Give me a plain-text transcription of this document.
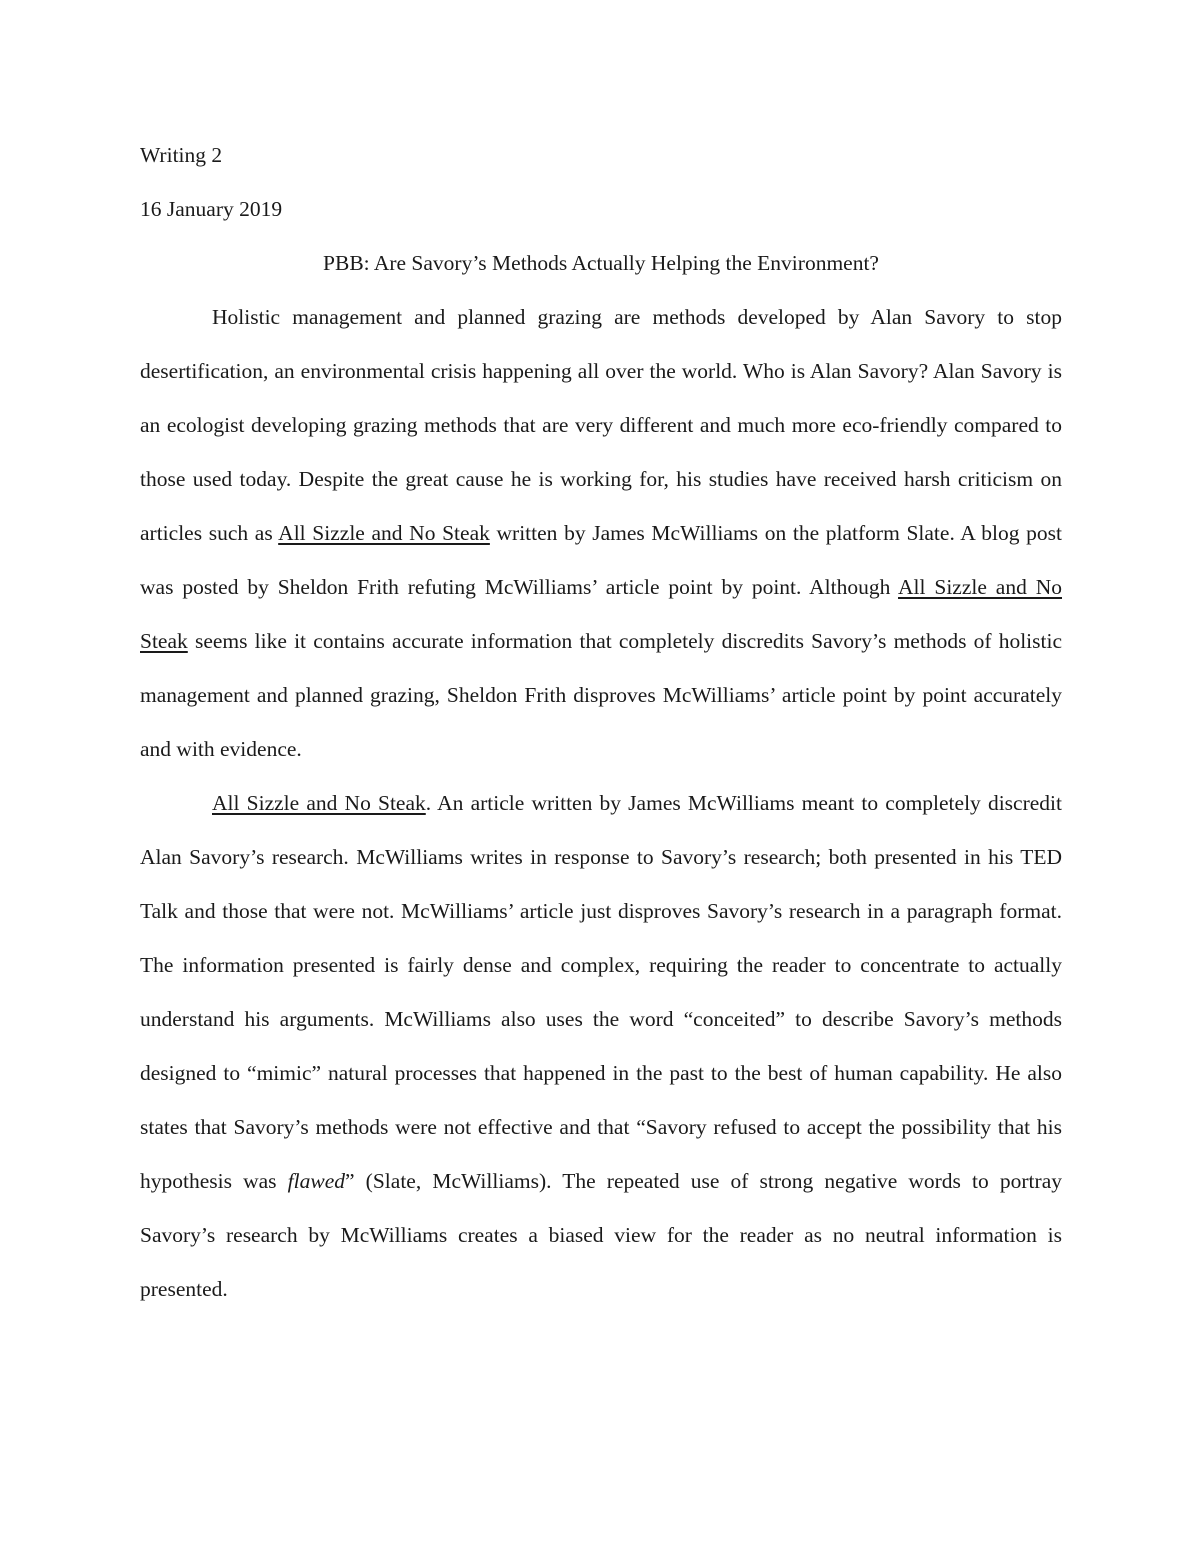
Writing 2

16 January 2019

PBB: Are Savory’s Methods Actually Helping the Environment?

Holistic management and planned grazing are methods developed by Alan Savory to stop desertification, an environmental crisis happening all over the world. Who is Alan Savory? Alan Savory is an ecologist developing grazing methods that are very different and much more eco-friendly compared to those used today. Despite the great cause he is working for, his studies have received harsh criticism on articles such as All Sizzle and No Steak written by James McWilliams on the platform Slate. A blog post was posted by Sheldon Frith refuting McWilliams’ article point by point. Although All Sizzle and No Steak seems like it contains accurate information that completely discredits Savory’s methods of holistic management and planned grazing, Sheldon Frith disproves McWilliams’ article point by point accurately and with evidence.

All Sizzle and No Steak. An article written by James McWilliams meant to completely discredit Alan Savory’s research. McWilliams writes in response to Savory’s research; both presented in his TED Talk and those that were not. McWilliams’ article just disproves Savory’s research in a paragraph format. The information presented is fairly dense and complex, requiring the reader to concentrate to actually understand his arguments. McWilliams also uses the word “conceited” to describe Savory’s methods designed to “mimic” natural processes that happened in the past to the best of human capability. He also states that Savory’s methods were not effective and that “Savory refused to accept the possibility that his hypothesis was flawed” (Slate, McWilliams). The repeated use of strong negative words to portray Savory’s research by McWilliams creates a biased view for the reader as no neutral information is presented.
